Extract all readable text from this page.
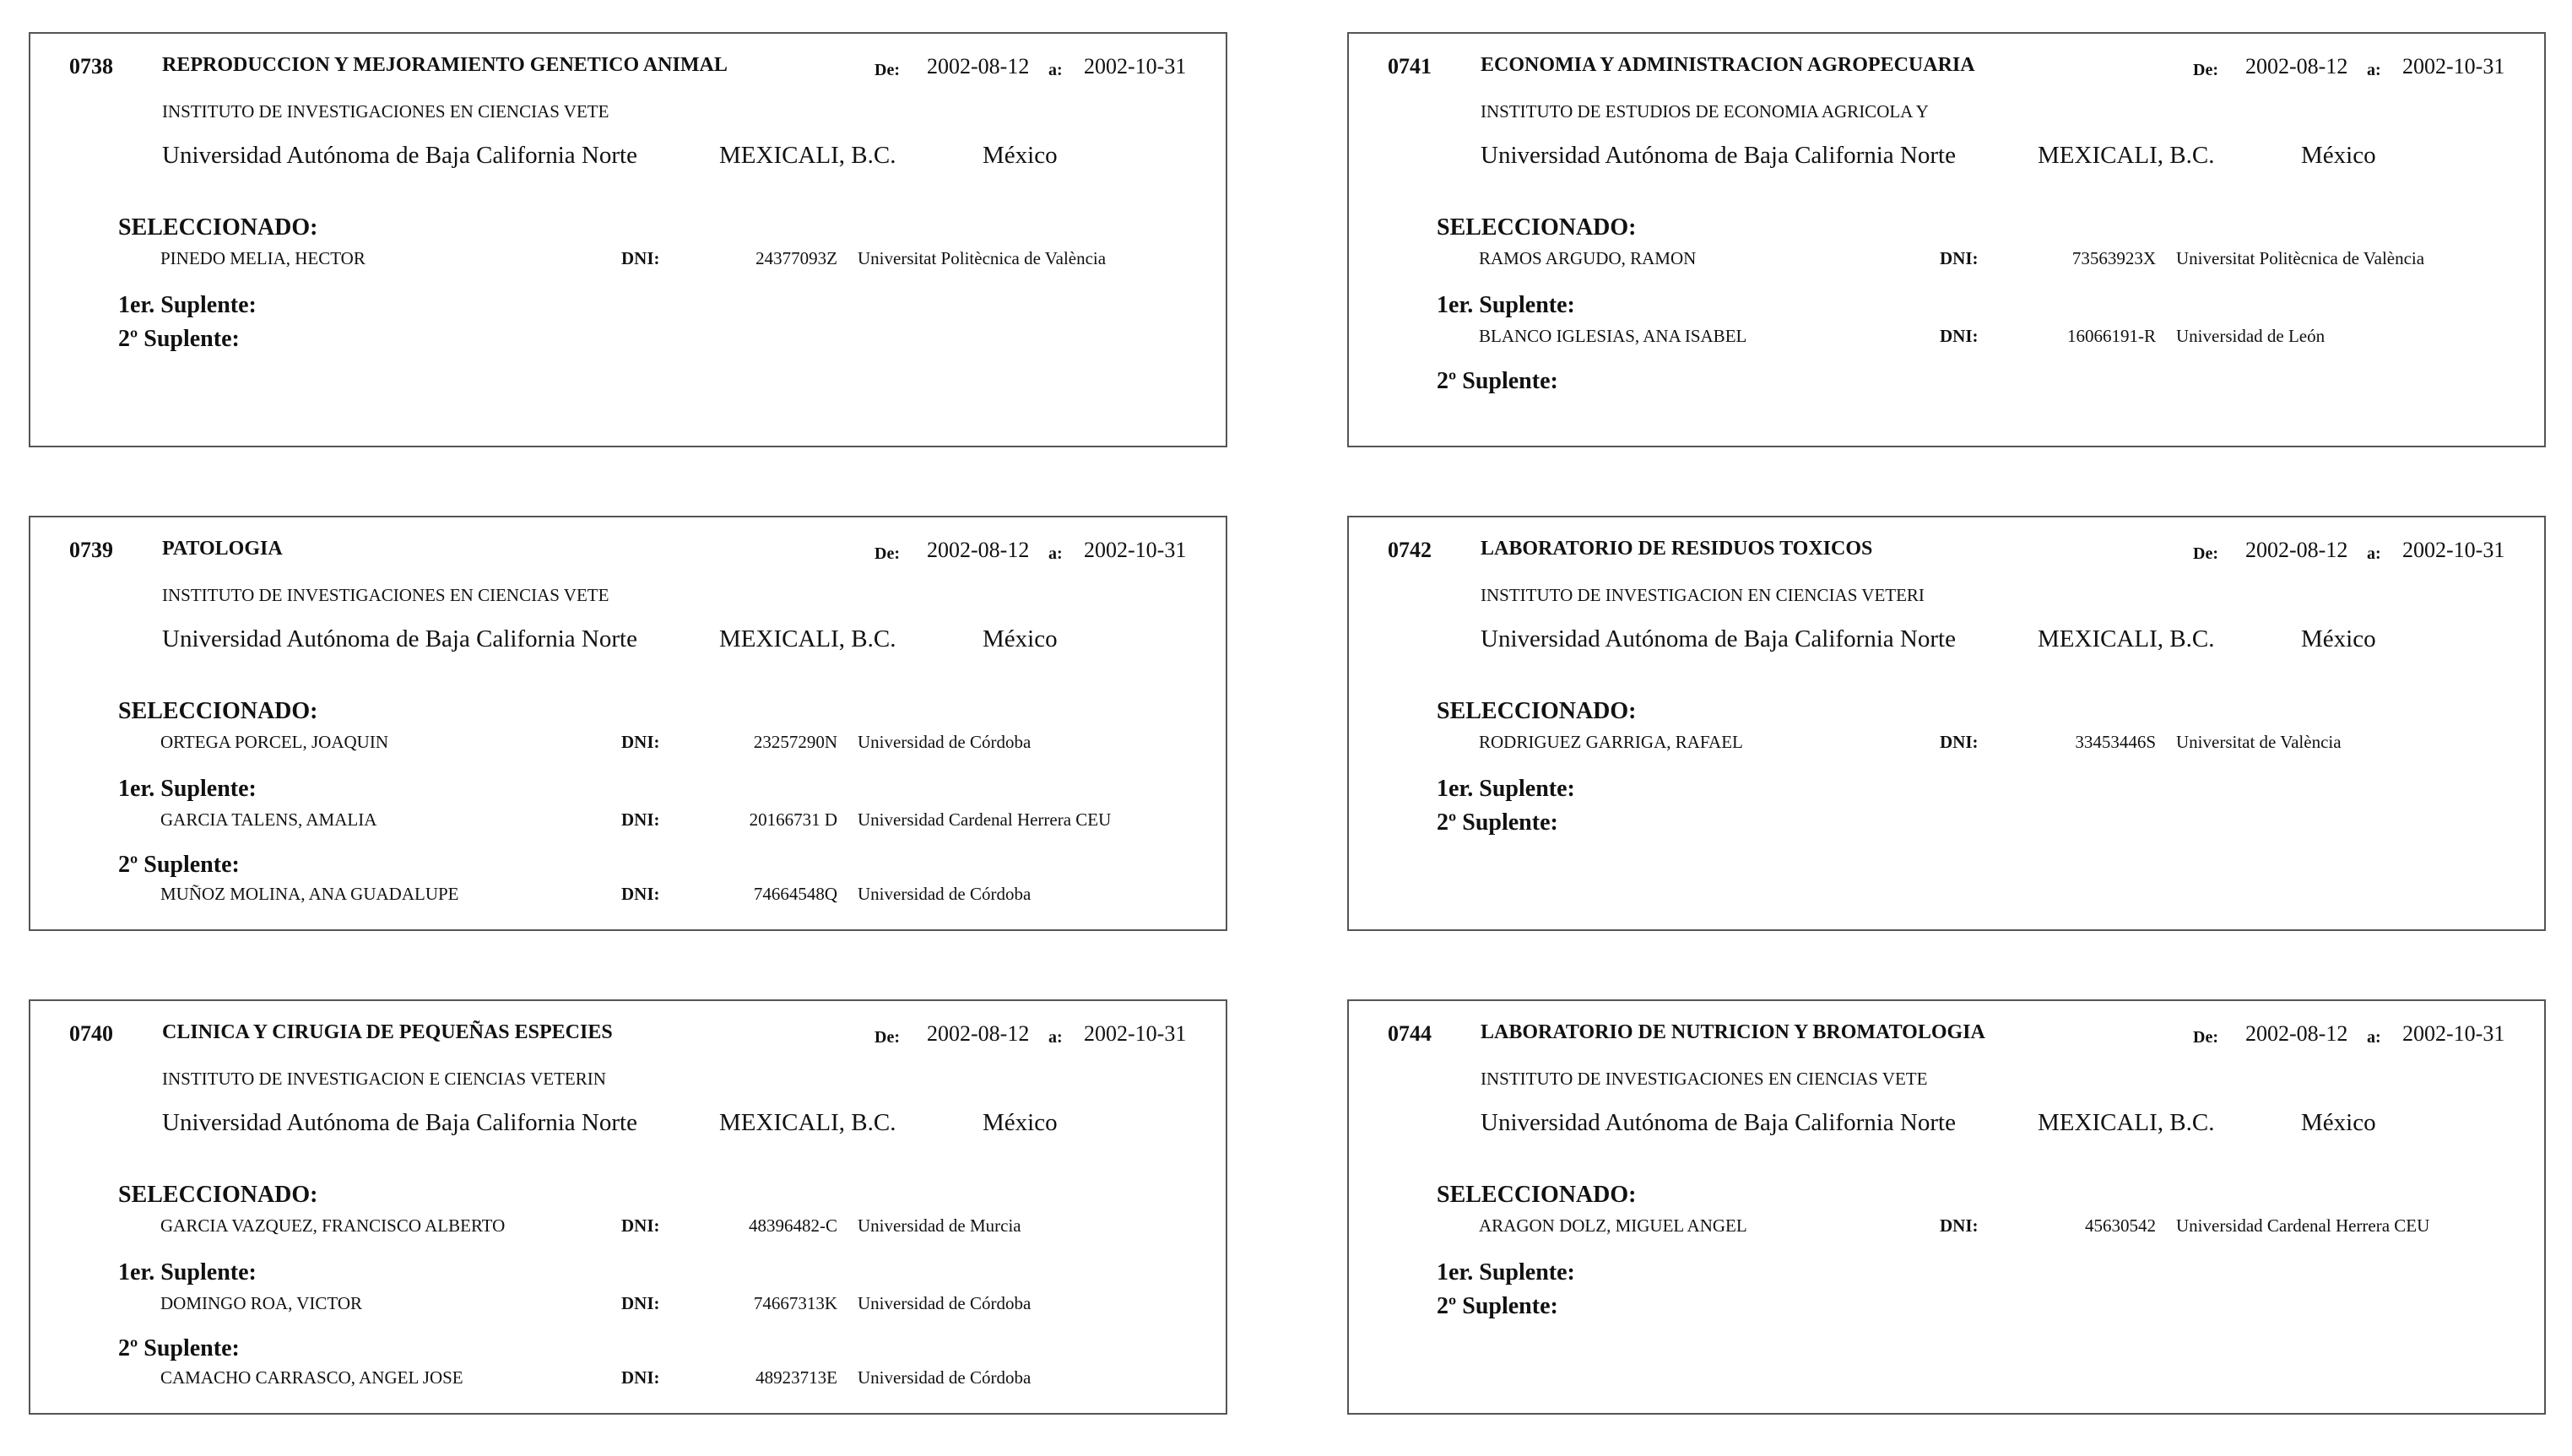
0738 REPRODUCCION Y MEJORAMIENTO GENETICO ANIMAL	De: 2002-08-12 a: 2002-10-31
INSTITUTO DE INVESTIGACIONES EN CIENCIAS VETE
Universidad Autónoma de Baja California Norte	MEXICALI, B.C.	México
SELECCIONADO:
PINEDO MELIA, HECTOR	DNI:	24377093Z Universitat Politècnica de València
1er. Suplente:
2º Suplente:
0741 ECONOMIA Y ADMINISTRACION AGROPECUARIA	De: 2002-08-12 a: 2002-10-31
INSTITUTO DE ESTUDIOS DE ECONOMIA AGRICOLA Y
Universidad Autónoma de Baja California Norte	MEXICALI, B.C.	México
SELECCIONADO:
RAMOS ARGUDO, RAMON	DNI:	73563923X Universitat Politècnica de València
1er. Suplente:
BLANCO IGLESIAS, ANA ISABEL	DNI:	16066191-R Universidad de León
2º Suplente:
0739 PATOLOGIA	De: 2002-08-12 a: 2002-10-31
INSTITUTO DE INVESTIGACIONES EN CIENCIAS VETE
Universidad Autónoma de Baja California Norte	MEXICALI, B.C.	México
SELECCIONADO:
ORTEGA PORCEL, JOAQUIN	DNI:	23257290N Universidad de Córdoba
1er. Suplente:
GARCIA TALENS, AMALIA	DNI:	20166731 D Universidad Cardenal Herrera CEU
2º Suplente:
MUÑOZ MOLINA, ANA GUADALUPE	DNI:	74664548Q Universidad de Córdoba
0742 LABORATORIO DE RESIDUOS TOXICOS	De: 2002-08-12 a: 2002-10-31
INSTITUTO DE INVESTIGACION EN CIENCIAS VETERI
Universidad Autónoma de Baja California Norte	MEXICALI, B.C.	México
SELECCIONADO:
RODRIGUEZ GARRIGA, RAFAEL	DNI:	33453446S Universitat de València
1er. Suplente:
2º Suplente:
0740 CLINICA Y CIRUGIA DE PEQUEÑAS ESPECIES	De: 2002-08-12 a: 2002-10-31
INSTITUTO DE INVESTIGACION E CIENCIAS VETERIN
Universidad Autónoma de Baja California Norte	MEXICALI, B.C.	México
SELECCIONADO:
GARCIA VAZQUEZ, FRANCISCO ALBERTO	DNI:	48396482-C Universidad de Murcia
1er. Suplente:
DOMINGO ROA, VICTOR	DNI:	74667313K Universidad de Córdoba
2º Suplente:
CAMACHO CARRASCO, ANGEL JOSE	DNI:	48923713E Universidad de Córdoba
0744 LABORATORIO DE NUTRICION Y BROMATOLOGIA	De: 2002-08-12 a: 2002-10-31
INSTITUTO DE INVESTIGACIONES EN CIENCIAS VETE
Universidad Autónoma de Baja California Norte	MEXICALI, B.C.	México
SELECCIONADO:
ARAGON DOLZ, MIGUEL ANGEL	DNI:	45630542 Universidad Cardenal Herrera CEU
1er. Suplente:
2º Suplente:
